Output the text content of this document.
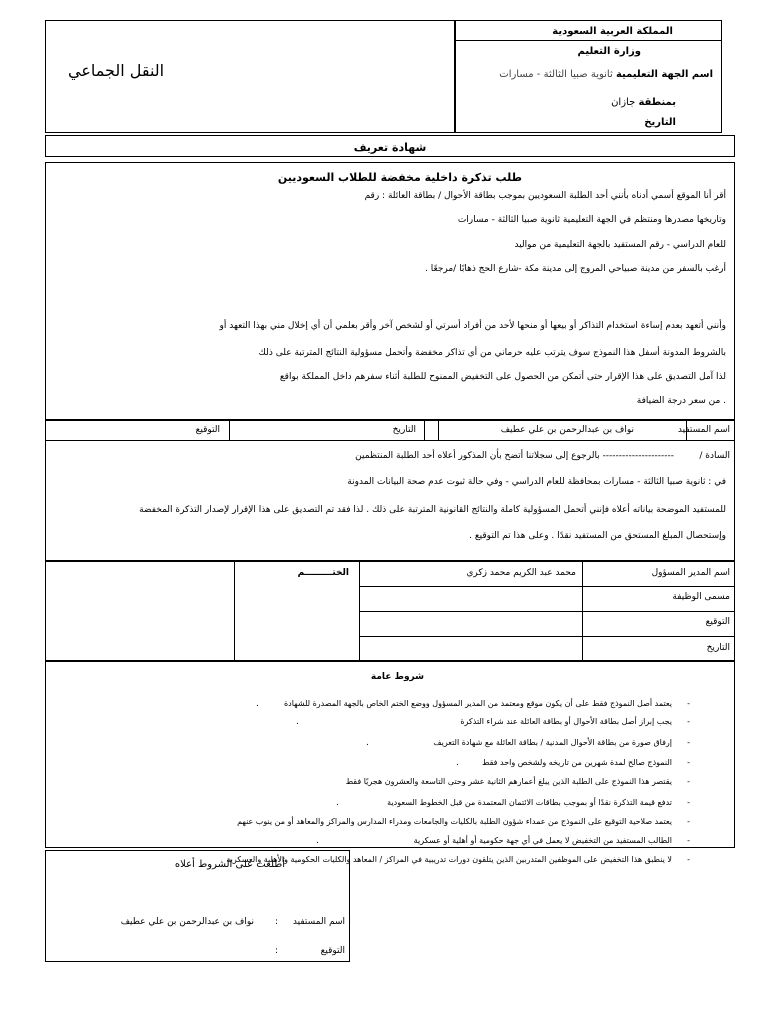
النقل الجماعي
المملكة العربية السعودية
وزارة التعليم
اسم الجهة التعليمية ثانوية صبيا الثالثة - مسارات
بمنطقة جازان
التاريخ
شهادة تعريف
طلب تذكرة داخلية مخفضة للطلاب السعوديين
أقر أنا الموقع أسمي أدناه بأنني أحد الطلبة السعوديين بموجب بطاقة الأحوال / بطاقة العائلة : رقم
وتاريخها مصدرها ومنتظم في الجهة التعليمية ثانوية صبيا الثالثة - مسارات
للعام الدراسي - رقم المستفيد بالجهة التعليمية من مواليد
أرغب بالسفر من مدينة صبياحي المروج إلى مدينة مكة -شارع الحج ذهابًا /مرجعًا .
وأنني أتعهد بعدم إساءة استخدام التذاكر أو بيعها أو منحها لأحد من أفراد أسرتي أو لشخص آخر وأقر بعلمي أن أي إخلال مني بهذا التعهد أو
بالشروط المدونة أسفل هذا النموذج سوف يترتب عليه حرماني من أي تذاكر مخفضة وأتحمل مسؤولية النتائج المترتبة على ذلك
لذا آمل التصديق على هذا الإقرار حتى أتمكن من الحصول على التخفيض الممنوح للطلبة أثناء سفرهم داخل المملكة بواقع
. من سعر درجة الضيافة
اسم المستفيد
نواف بن عبدالرحمن بن علي عطيف
التاريخ
التوقيع
السادة /
---------------------- بالرجوع إلى سجلاتنا أتضح بأن المذكور أعلاه أحد الطلبة المنتظمين
في : ثانوية صبيا الثالثة - مسارات بمحافظة للعام الدراسي - وفي حالة ثبوت عدم صحة البيانات المدونة
للمستفيد الموضحة بياناته أعلاه فإنني أتحمل المسؤولية كاملة والنتائج القانونية المترتبة على ذلك . لذا فقد تم التصديق على هذا الإقرار لإصدار التذكرة المخفضة
وإستحصال المبلغ المستحق من المستفيد نقدًا . وعلى هذا تم التوقيع .
اسم المدير المسؤول
محمد عبد الكريم محمد زكري
الختـــــــــم
مسمى الوظيفة
التوقيع
التاريخ
شروط عامة
-
يعتمد أصل النموذج فقط على أن يكون موقع ومعتمد من المدير المسؤول ووضع الختم الخاص بالجهة المصدرة للشهادة
-
يجب إبراز أصل بطاقة الأحوال أو بطاقة العائلة عند شراء التذكرة
-
إرفاق صورة من بطاقة الأحوال المدنية / بطاقة العائلة مع شهادة التعريف
-
النموذج صالح لمدة شهرين من تاريخه ولشخص واحد فقط
-
يقتصر هذا النموذج على الطلبة الذين يبلغ أعمارهم الثانية عشر وحتى التاسعة والعشرون هجريًا فقط
-
تدفع قيمة التذكرة نقدًا أو بموجب بطاقات الائتمان المعتمدة من قبل الخطوط السعودية
-
يعتمد صلاحية التوقيع على النموذج من عمداء شؤون الطلبة بالكليات والجامعات ومدراء المدارس والمراكز والمعاهد أو من ينوب عنهم
-
الطالب المستفيد من التخفيض لا يعمل في أي جهة حكومية أو أهلية أو عسكرية
-
لا ينطبق هذا التخفيض على الموظفين المتدربين الذين يتلقون دورات تدريبية في المراكز / المعاهد والكليات الحكومية والأهلية والعسكرية
.
.
.
.
.
.
أطلعت على الشروط أعلاه
اسم المستفيد
:
نواف بن عبدالرحمن بن علي عطيف
التوقيع
:
